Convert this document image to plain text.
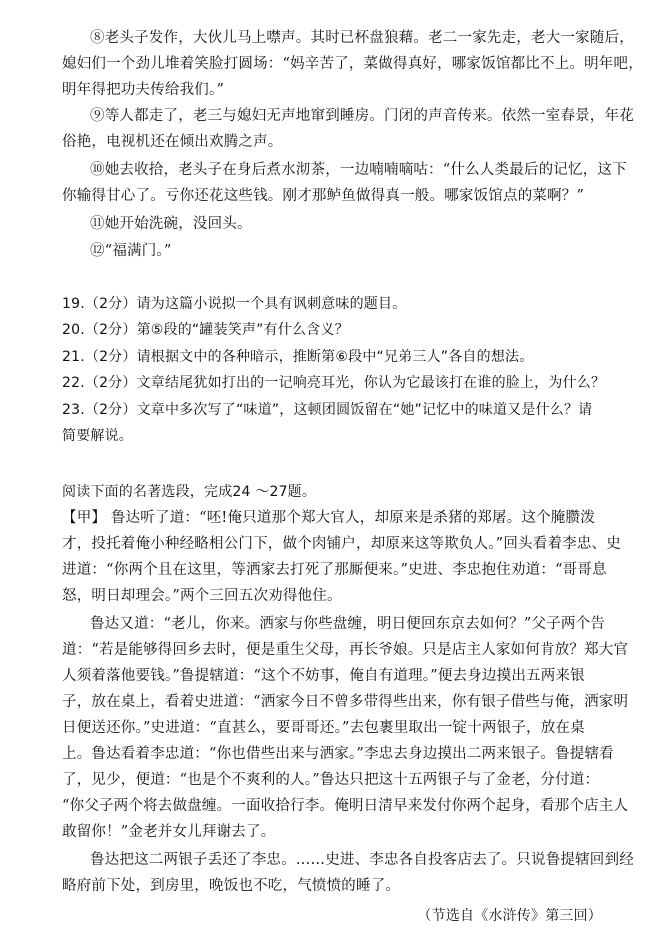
⑧老头子发作，大伙儿马上噤声。其时已杯盘狼藉。老二一家先走，老大一家随后，
媳妇们一个劲儿堆着笑脸打圆场：“妈辛苦了，菜做得真好，哪家饭馆都比不上。明年吧，
明年得把功夫传给我们。”
⑨等人都走了，老三与媳妇无声地窜到睡房。门闭的声音传来。依然一室春景，年花
俗艳，电视机还在倾出欢腾之声。
⑩她去收拾，老头子在身后煮水沏茶，一边喃喃嘀咕：“什么人类最后的记忆，这下
你输得甘心了。亏你还花这些钱。刚才那鲈鱼做得真一般。哪家饭馆点的菜啊？”
⑪她开始洗碗，没回头。
⑫“福满门。”
19.（2分）请为这篇小说拟一个具有讽刺意味的题目。
20.（2分）第⑤段的“罐装笑声”有什么含义？
21.（2分）请根据文中的各种暗示，推断第⑥段中“兄弟三人”各自的想法。
22.（2分）文章结尾犹如打出的一记响亮耳光，你认为它最该打在谁的脸上，为什么？
23.（2分）文章中多次写了“味道”，这顿团圆饭留在“她”记忆中的味道又是什么？请
简要解说。
阅读下面的名著选段，完成24 ～27题。
【甲】 鲁达听了道：“呸!俺只道那个郑大官人，却原来是杀猪的郑屠。这个腌臜泼
才，投托着俺小种经略相公门下，做个肉铺户，却原来这等欺负人。”回头看着李忠、史
进道：“你两个且在这里，等洒家去打死了那厮便来。”史进、李忠抱住劝道：“哥哥息
怒，明日却理会。”两个三回五次劝得他住。
鲁达又道：“老儿，你来。洒家与你些盘缠，明日便回东京去如何？”父子两个告
道：“若是能够得回乡去时，便是重生父母，再长爷娘。只是店主人家如何肯放？郑大官
人须着落他要钱。”鲁提辖道：“这个不妨事，俺自有道理。”便去身边摸出五两来银
子，放在桌上，看着史进道：“洒家今日不曾多带得些出来，你有银子借些与俺，洒家明
日便送还你。”史进道：“直甚么，要哥哥还。”去包裹里取出一锭十两银子，放在桌
上。鲁达看着李忠道：“你也借些出来与洒家。”李忠去身边摸出二两来银子。鲁提辖看
了，见少，便道：“也是个不爽利的人。”鲁达只把这十五两银子与了金老，分付道：
“你父子两个将去做盘缠。一面收拾行李。俺明日清早来发付你两个起身，看那个店主人
敢留你！”金老并女儿拜谢去了。
鲁达把这二两银子丢还了李忠。……史进、李忠各自投客店去了。只说鲁提辖回到经
略府前下处，到房里，晚饭也不吃，气愤愤的睡了。
（节选自《水浒传》第三回）
